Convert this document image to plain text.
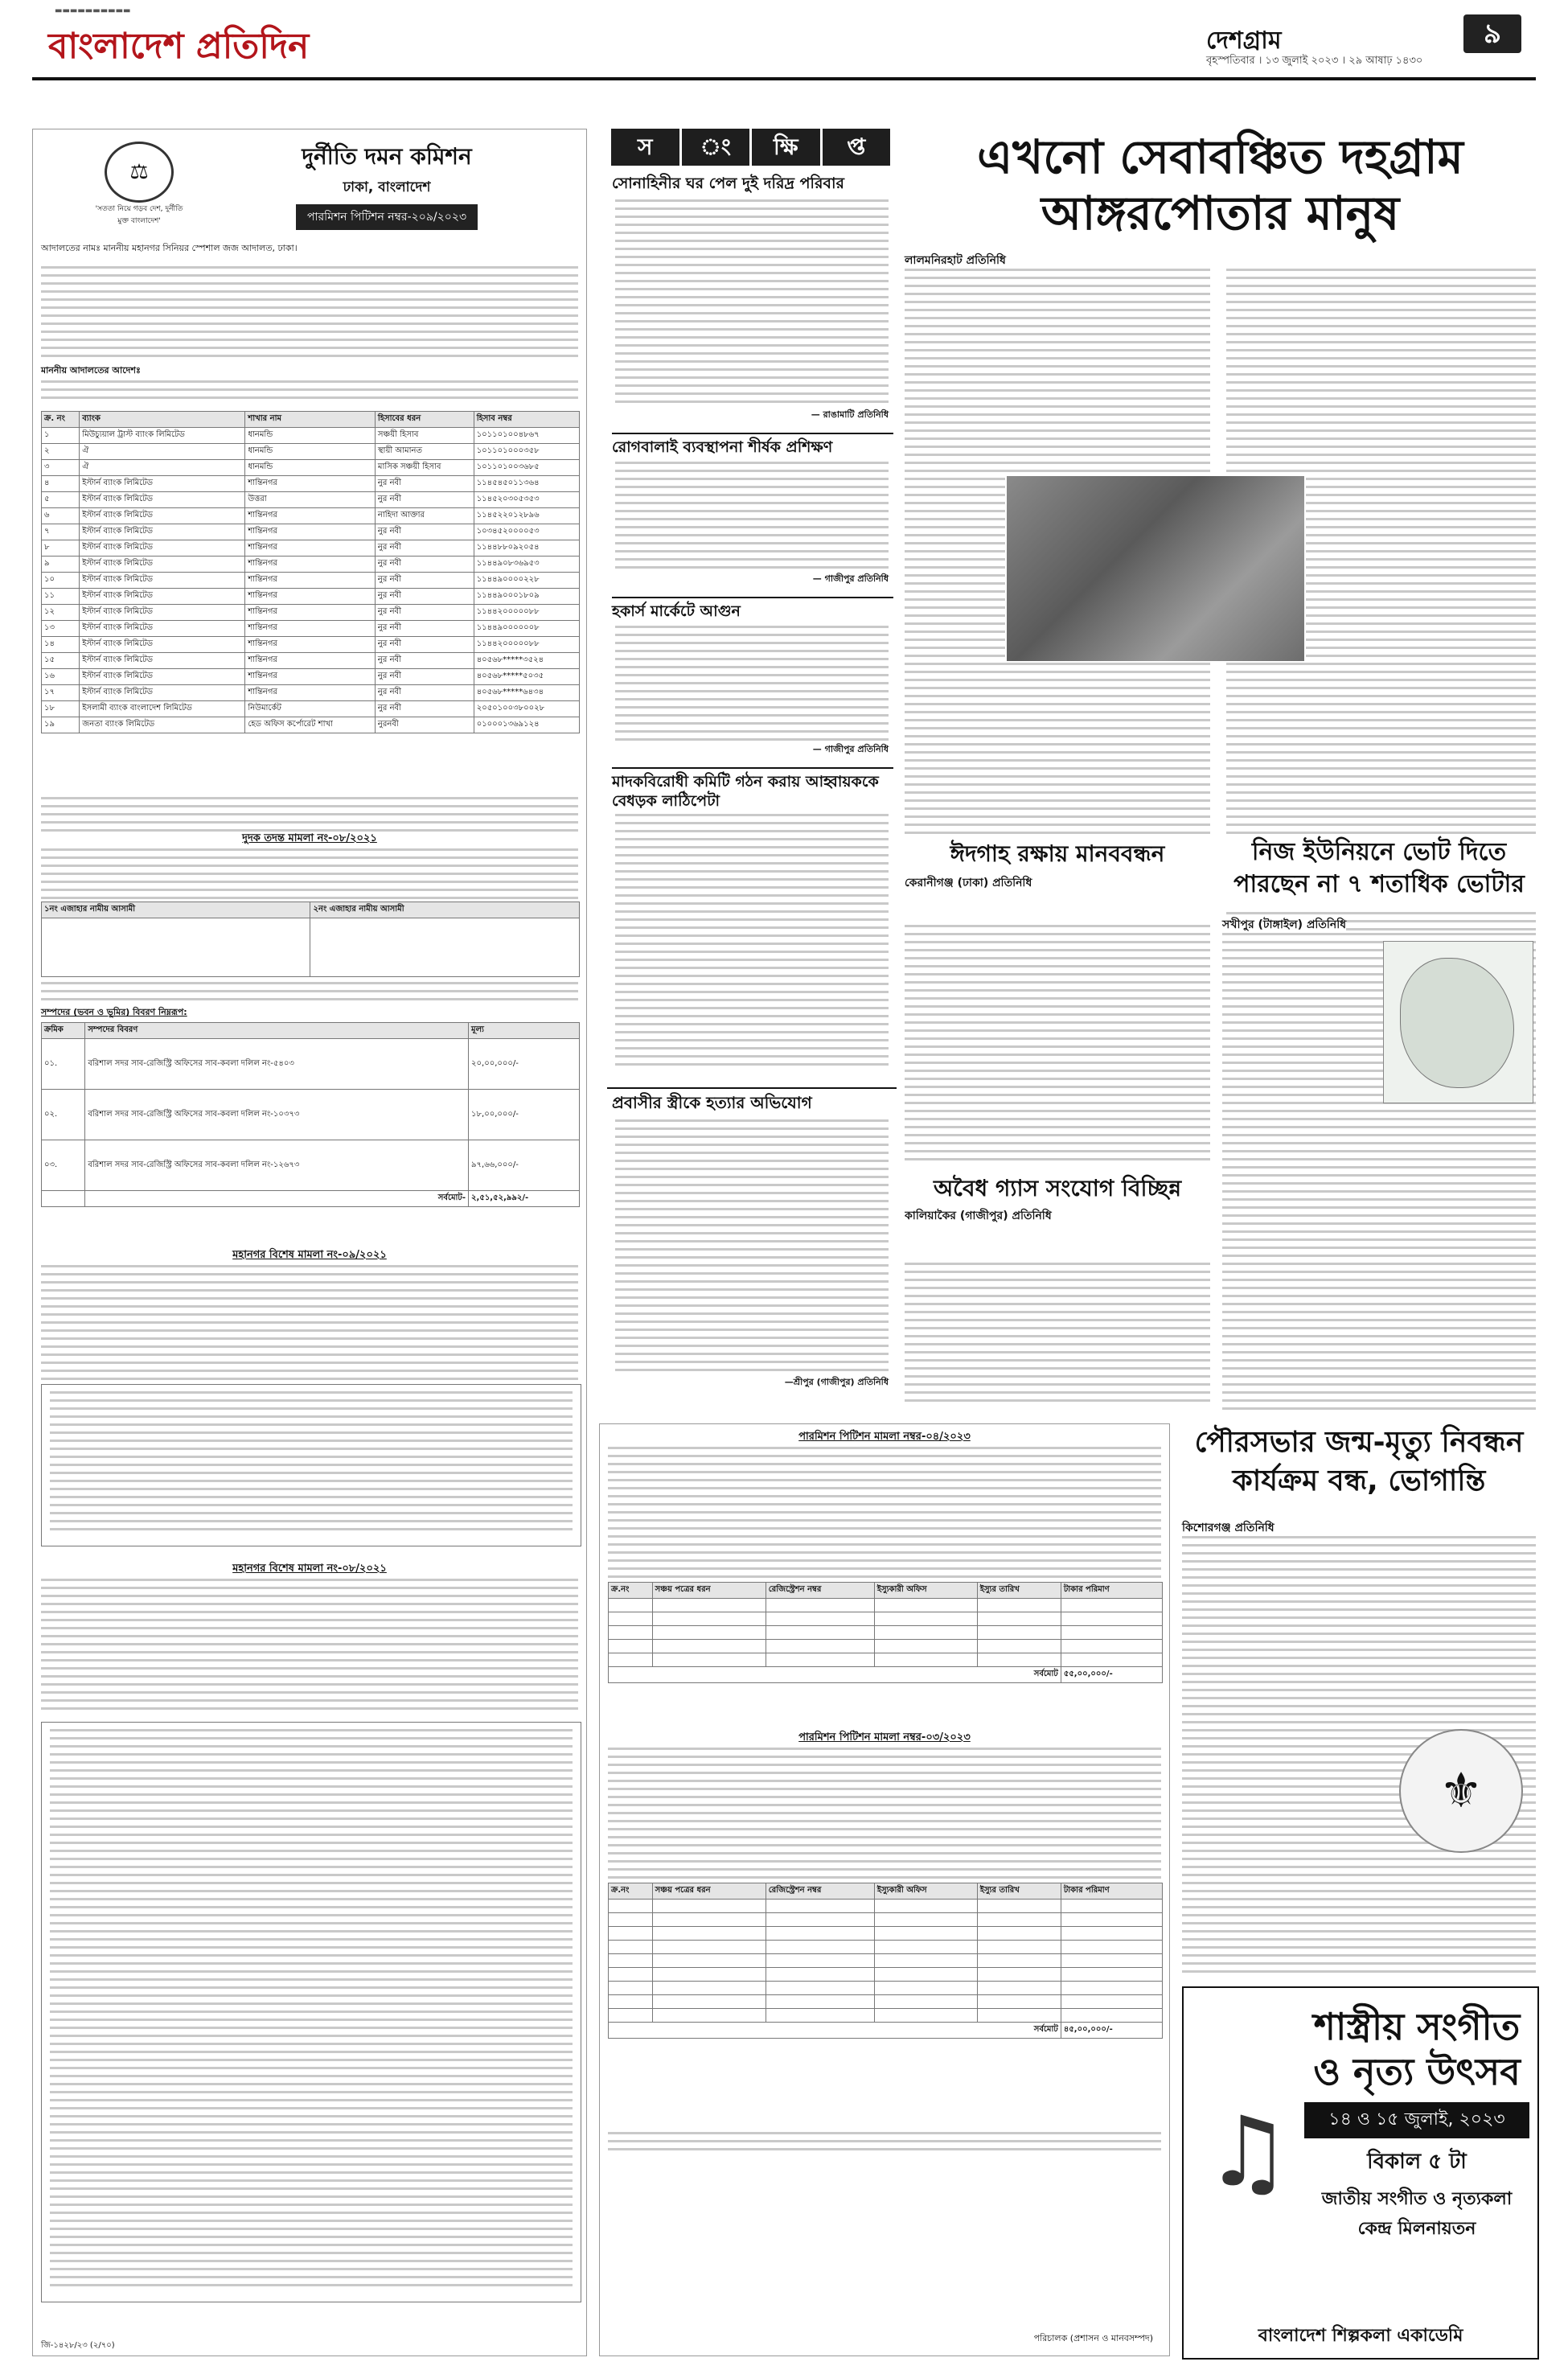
▬▬▬▬▬▬▬▬▬▬
বাংলাদেশ প্রতিদিন	দেশগ্রাম	৯
বৃহস্পতিবার । ১৩ জুলাই ২০২৩ । ২৯ আষাঢ় ১৪৩০
দুর্নীতি দমন কমিশন
ঢাকা, বাংলাদেশ
পারমিশন পিটিশন নম্বর-২০৯/২০২৩
আদালতের নামঃ মাননীয় মহানগর সিনিয়র স্পেশাল জজ আদালত, ঢাকা।
মাননীয় আদালতের আদেশঃ
ক্র. নং	ব্যাংক	শাখার নাম	হিসাবের ধরন	হিসাব নম্বর
১	মিউচ্যুয়াল ট্রাস্ট ব্যাংক লিমিটেড	ধানমন্ডি	সঞ্চয়ী হিসাব	১০১১০১০০৪৮৬৭
২	ঐ	ধানমন্ডি	স্থায়ী আমানত	১০১১০১০০০৩৫৮
৩	ঐ	ধানমন্ডি	মাসিক সঞ্চয়ী হিসাব	১০১১০১০০৩৬৮৫
৪	ইস্টার্ন ব্যাংক লিমিটেড	শান্তিনগর	নুর নবী	১১৪৫৪৫০১১৩৬৪
৫	ইস্টার্ন ব্যাংক লিমিটেড	উত্তরা	নুর নবী	১১৪৫২০৩০৫৩৫৩
৬	ইস্টার্ন ব্যাংক লিমিটেড	শান্তিনগর	নাহিদা আক্তার	১১৪৫২২০১২৮৯৬
৭	ইস্টার্ন ব্যাংক লিমিটেড	শান্তিনগর	নুর নবী	১০৩৪৫২০০০০৫৩
৮	ইস্টার্ন ব্যাংক লিমিটেড	শান্তিনগর	নুর নবী	১১৪৪৮৮০৯২০৫৪
৯	ইস্টার্ন ব্যাংক লিমিটেড	শান্তিনগর	নুর নবী	১১৪৪৯০৮৩৬৯৫৩
১০	ইস্টার্ন ব্যাংক লিমিটেড	শান্তিনগর	নুর নবী	১১৪৪৯০০০০২২৮
১১	ইস্টার্ন ব্যাংক লিমিটেড	শান্তিনগর	নুর নবী	১১৪৪৯০০০১৮০৯
১২	ইস্টার্ন ব্যাংক লিমিটেড	শান্তিনগর	নুর নবী	১১৪৪২০০০০০৮৮
১৩	ইস্টার্ন ব্যাংক লিমিটেড	শান্তিনগর	নুর নবী	১১৪৪৯০০০০০০৮
১৪	ইস্টার্ন ব্যাংক লিমিটেড	শান্তিনগর	নুর নবী	১১৪৪২০০০০০৮৮
১৫	ইস্টার্ন ব্যাংক লিমিটেড	শান্তিনগর	নুর নবী	৪০৫৬৮*****৩৫২৪
১৬	ইস্টার্ন ব্যাংক লিমিটেড	শান্তিনগর	নুর নবী	৪০৫৬৮*****৫০৩৫
১৭	ইস্টার্ন ব্যাংক লিমিটেড	শান্তিনগর	নুর নবী	৪০৫৬৮*****৬৪৩৪
১৮	ইসলামী ব্যাংক বাংলাদেশ লিমিটেড	নিউমার্কেট	নুর নবী	২০৫০১০০৩৮০০২৮
১৯	জনতা ব্যাংক লিমিটেড	হেড অফিস কর্পোরেট শাখা	নুরনবী	০১০০০১৩৬৯১২৪
দুদক তদন্ত মামলা নং-০৮/২০২১
১নং এজাহার নামীয় আসামী	২নং এজাহার নামীয় আসামী

সম্পদের (ভবন ও ভূমির) বিবরণ নিম্নরূপ:
ক্রমিক	সম্পদের বিবরণ	মূল্য
০১.	বরিশাল সদর সাব-রেজিস্ট্রি অফিসের সাব-কবলা দলিল নং-৫৪০৩	২০,০০,০০০/-
০২.	বরিশাল সদর সাব-রেজিস্ট্রি অফিসের সাব-কবলা দলিল নং-১০৩৭৩	১৮,০০,০০০/-
০৩.	বরিশাল সদর সাব-রেজিস্ট্রি অফিসের সাব-কবলা দলিল নং-১২৬৭৩	৯৭,৬৬,০০০/-
	সর্বমোট-	২,৫১,৫২,৯৯২/-
মহানগর বিশেষ মামলা নং-০৯/২০২১
মহানগর বিশেষ মামলা নং-০৮/২০২১
জি-১৪২৮/২৩ (২/৭০)
⚖
'সততা নিয়ে গড়ব দেশ, দুর্নীতি মুক্ত বাংলাদেশ'
স	ং	ক্ষি	প্ত
সোনাহিনীর ঘর পেল দুই দরিদ্র পরিবার
— রাঙামাটি প্রতিনিধি
রোগবালাই ব্যবস্থাপনা শীর্ষক প্রশিক্ষণ
— গাজীপুর প্রতিনিধি
হকার্স মার্কেটে আগুন
— গাজীপুর প্রতিনিধি
মাদকবিরোধী কমিটি গঠন করায় আহ্বায়ককে বেধড়ক লাঠিপেটা
এখনো সেবাবঞ্চিত দহগ্রাম
আঙ্গরপোতার মানুষ
লালমনিরহাট প্রতিনিধি
ঈদগাহ রক্ষায় মানববন্ধন
কেরানীগঞ্জ (ঢাকা) প্রতিনিধি
নিজ ইউনিয়নে ভোট দিতে পারছেন না ৭ শতাধিক ভোটার
সখীপুর (টাঙ্গাইল) প্রতিনিধি
প্রবাসীর স্ত্রীকে হত্যার অভিযোগ
—শ্রীপুর (গাজীপুর) প্রতিনিধি
অবৈধ গ্যাস সংযোগ বিচ্ছিন্ন
কালিয়াকৈর (গাজীপুর) প্রতিনিধি
পারমিশন পিটিশন মামলা নম্বর-০৪/২০২৩
ক্র.নং	সঞ্চয় পত্রের ধরন	রেজিস্ট্রেশন নম্বর	ইস্যুকারী অফিস	ইস্যুর তারিখ	টাকার পরিমাণ

সর্বমোট					৫৫,০০,০০০/-
পারমিশন পিটিশন মামলা নম্বর-০৩/২০২৩
ক্র.নং	সঞ্চয় পত্রের ধরন	রেজিস্ট্রেশন নম্বর	ইস্যুকারী অফিস	ইস্যুর তারিখ	টাকার পরিমাণ

সর্বমোট					৪৫,০০,০০০/-
পরিচালক (প্রশাসন ও মানবসম্পদ)
পৌরসভার জন্ম-মৃত্যু নিবন্ধন
কার্যক্রম বন্ধ, ভোগান্তি
কিশোরগঞ্জ প্রতিনিধি
⚜
♫
শাস্ত্রীয় সংগীত
ও নৃত্য উৎসব
১৪ ও ১৫ জুলাই, ২০২৩
বিকাল ৫ টা
জাতীয় সংগীত ও নৃত্যকলা
কেন্দ্র মিলনায়তন
বাংলাদেশ শিল্পকলা একাডেমি
